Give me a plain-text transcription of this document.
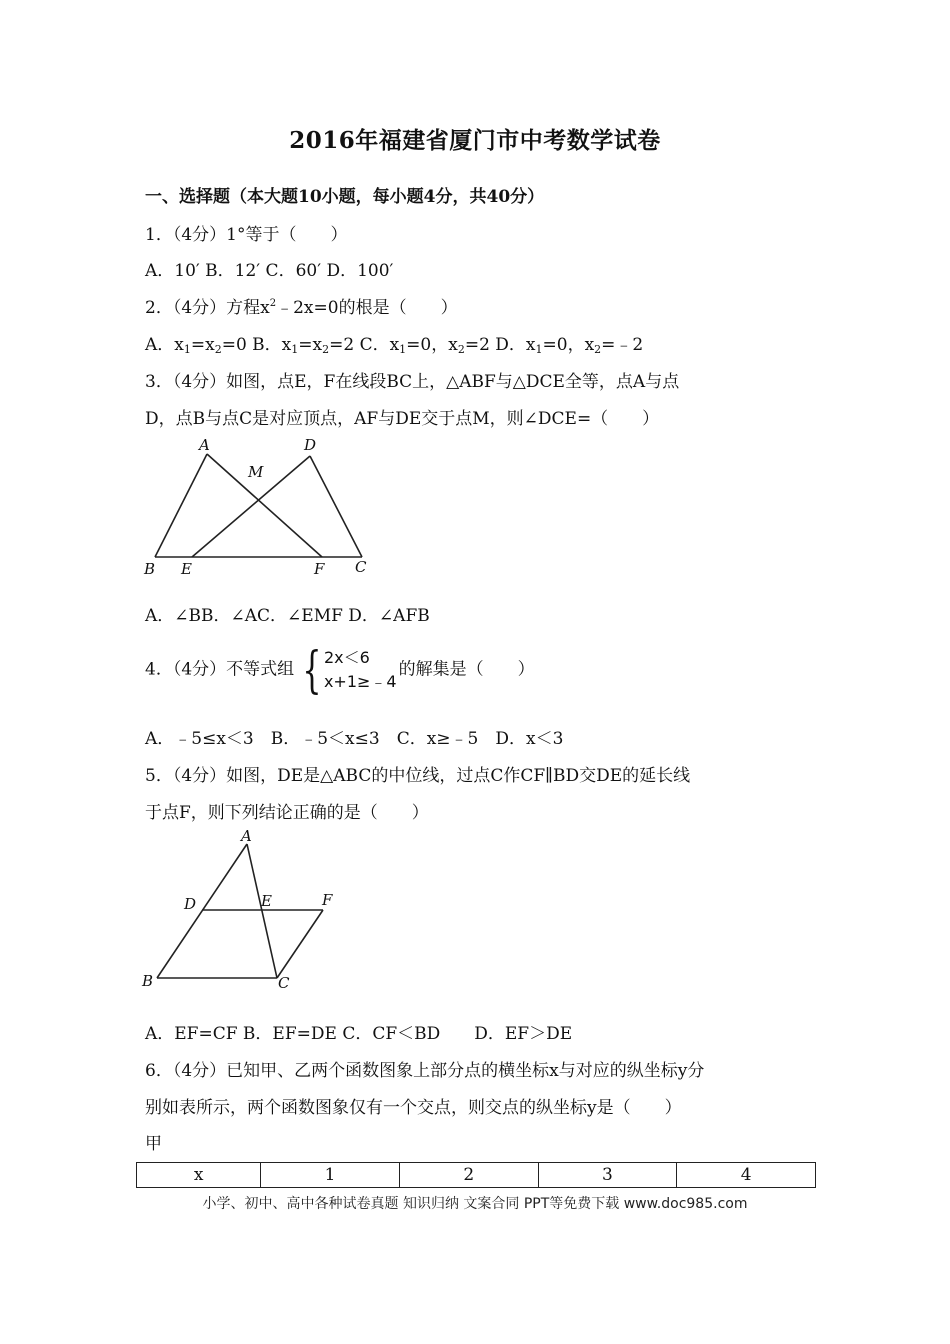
2016年福建省厦门市中考数学试卷
一、选择题（本大题10小题，每小题4分，共40分）
1．（4分）1°等于（　　）
A．10′ B．12′ C．60′ D．100′
2．（4分）方程$x^2﹣2x=0$的根是（　　）
A．$x_1=x_2=0$ B．$x_1=x_2=2$ C．$x_1=0$，$x_2=2$ D．$x_1=0$，$x_2=﹣2$
3．（4分）如图，点E，F在线段BC上，△ABF与△DCE全等，点A与点
D，点B与点C是对应顶点，AF与DE交于点M，则∠DCE=（　　）
A	D
M
B E	F C
A．∠BB．∠AC．∠EMF D．∠AFB
4．（4分）不等式组 { 2x＜6
x+1≥﹣4
的解集是（　　）
A．﹣5≤x＜3　B．﹣5＜x≤3　C．x≥﹣5　D．x＜3
5．（4分）如图，DE是△ABC的中位线，过点C作CF∥BD交DE的延长线
于点F，则下列结论正确的是（　　）
A
D	E	F
B	C
A．EF=CF B．EF=DE C．CF＜BD　　D．EF＞DE
6．（4分）已知甲、乙两个函数图象上部分点的横坐标x与对应的纵坐标y分
别如表所示，两个函数图象仅有一个交点，则交点的纵坐标y是（　　）
甲
x	1	2	3	4
小学、初中、高中各种试卷真题 知识归纳 文案合同 PPT等免费下载 www.doc985.com
